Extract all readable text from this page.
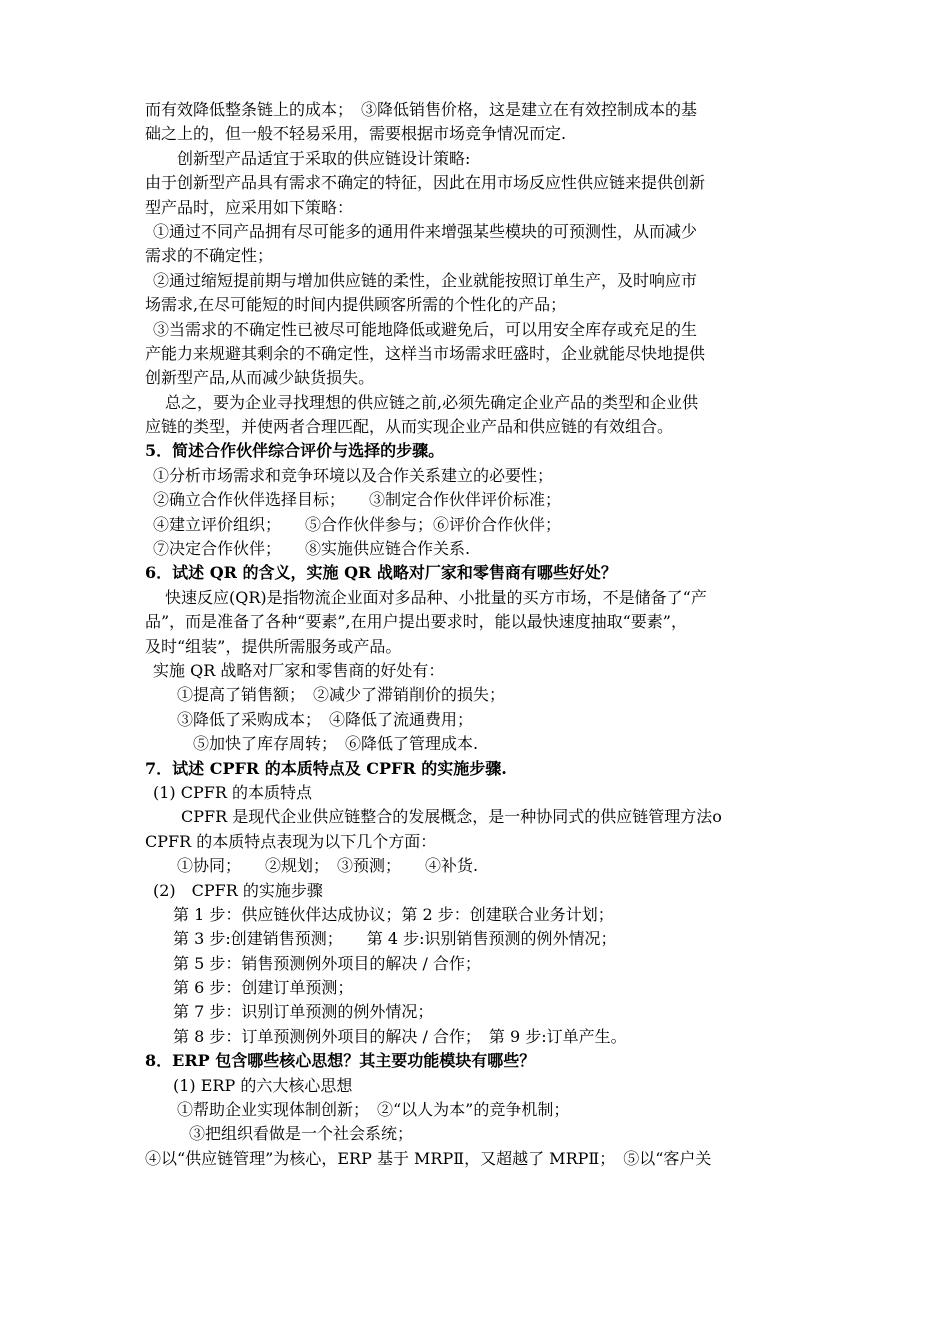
而有效降低整条链上的成本；　③降低销售价格，这是建立在有效控制成本的基
础之上的，但一般不轻易采用，需要根据市场竞争情况而定.
创新型产品适宜于采取的供应链设计策略:
由于创新型产品具有需求不确定的特征，因此在用市场反应性供应链来提供创新
型产品时，应采用如下策略：
①通过不同产品拥有尽可能多的通用件来增强某些模块的可预测性，从而减少
需求的不确定性；
②通过缩短提前期与增加供应链的柔性，企业就能按照订单生产，及时响应市
场需求,在尽可能短的时间内提供顾客所需的个性化的产品；
③当需求的不确定性已被尽可能地降低或避免后，可以用安全库存或充足的生
产能力来规避其剩余的不确定性，这样当市场需求旺盛时，企业就能尽快地提供
创新型产品,从而减少缺货损失。
总之，要为企业寻找理想的供应链之前,必须先确定企业产品的类型和企业供
应链的类型，并使两者合理匹配，从而实现企业产品和供应链的有效组合。
5．简述合作伙伴综合评价与选择的步骤。
①分析市场需求和竞争环境以及合作关系建立的必要性；
②确立合作伙伴选择目标；　　③制定合作伙伴评价标准；
④建立评价组织；　　⑤合作伙伴参与；⑥评价合作伙伴；
⑦决定合作伙伴；　　⑧实施供应链合作关系.
6．试述 QR 的含义，实施 QR 战略对厂家和零售商有哪些好处？
快速反应(QR)是指物流企业面对多品种、小批量的买方市场，不是储备了“产
品”，而是准备了各种“要素”,在用户提出要求时，能以最快速度抽取“要素”，
及时“组装”，提供所需服务或产品。
实施 QR 战略对厂家和零售商的好处有：
①提高了销售额；　②减少了滞销削价的损失；
③降低了采购成本；　④降低了流通费用；
⑤加快了库存周转；　⑥降低了管理成本.
7．试述 CPFR 的本质特点及 CPFR 的实施步骤.
(1) CPFR 的本质特点
CPFR 是现代企业供应链整合的发展概念，是一种协同式的供应链管理方法ο
CPFR 的本质特点表现为以下几个方面：
①协同；　　②规划；　③预测；　　④补货.
(2)　CPFR 的实施步骤
第 1 步：供应链伙伴达成协议；第 2 步：创建联合业务计划；
第 3 步:创建销售预测；　　第 4 步:识别销售预测的例外情况；
第 5 步：销售预测例外项目的解决 / 合作；
第 6 步：创建订单预测；
第 7 步：识别订单预测的例外情况；
第 8 步：订单预测例外项目的解决 / 合作；　第 9 步:订单产生。
8．ERP 包含哪些核心思想？其主要功能模块有哪些？
(1) ERP 的六大核心思想
①帮助企业实现体制创新；　②“以人为本”的竞争机制；
③把组织看做是一个社会系统；
④以“供应链管理”为核心，ERP 基于 MRPⅡ，又超越了 MRPⅡ；　⑤以“客户关
